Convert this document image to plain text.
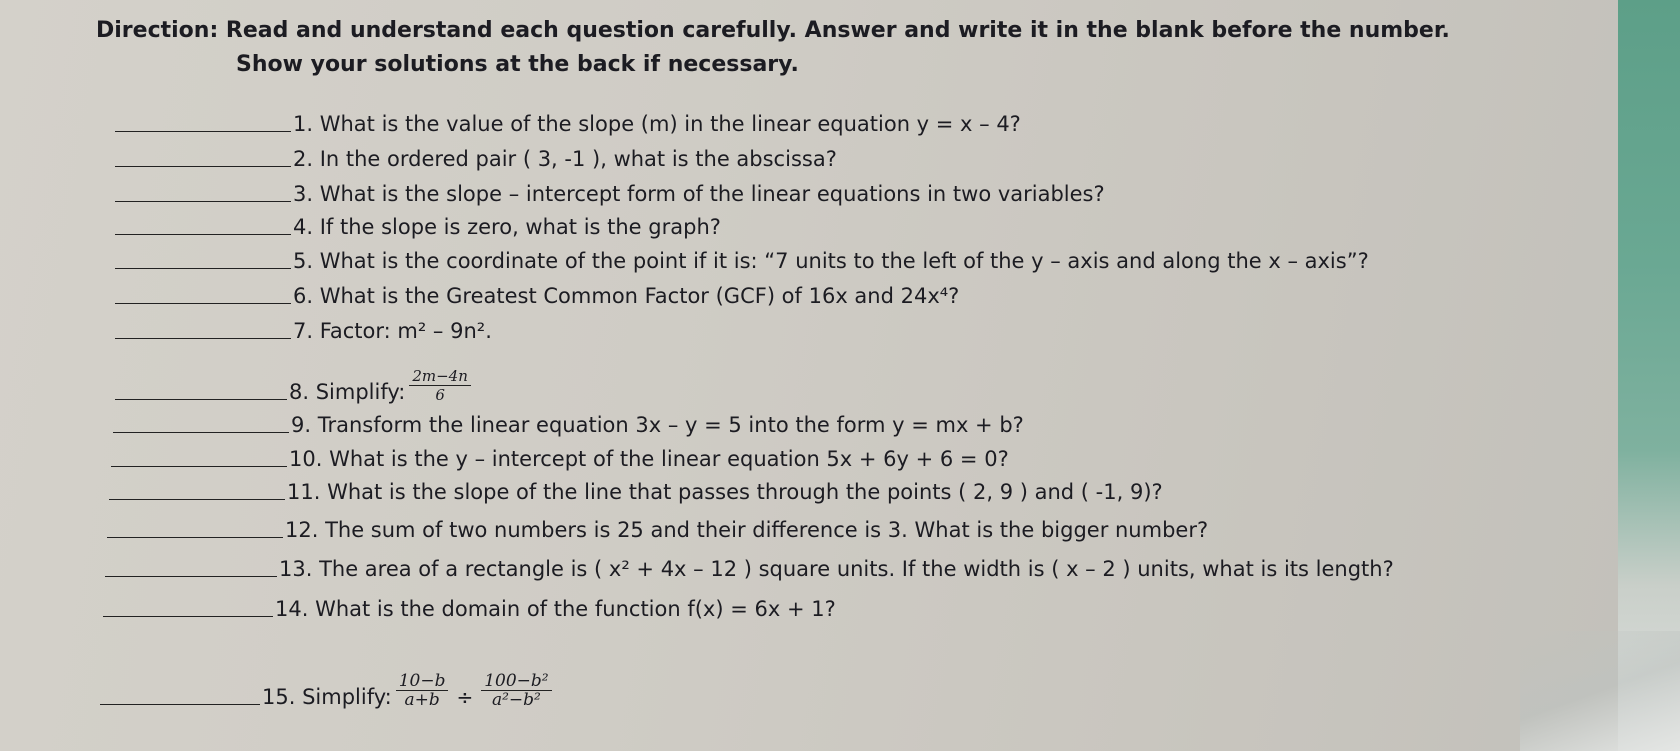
Direction: Read and understand each question carefully. Answer and write it in the blank before the number.
Show your solutions at the back if necessary.
1. What is the value of the slope (m) in the linear equation y = x – 4?
2. In the ordered pair ( 3, -1 ), what is the abscissa?
3. What is the slope – intercept form of the linear equations in two variables?
4. If the slope is zero, what is the graph?
5. What is the coordinate of the point if it is: “7 units to the left of the y – axis and along the x – axis”?
6. What is the Greatest Common Factor (GCF) of 16x and 24x⁴?
7. Factor: m² – 9n².
8. Simplify: $\frac{2m-4n}{6}$
9. Transform the linear equation 3x – y = 5 into the form y = mx + b?
10. What is the y – intercept of the linear equation 5x + 6y + 6 = 0?
11. What is the slope of the line that passes through the points ( 2, 9 ) and ( -1, 9)?
12. The sum of two numbers is 25 and their difference is 3. What is the bigger number?
13. The area of a rectangle is ( x² + 4x – 12 ) square units. If the width is ( x – 2 ) units, what is its length?
14. What is the domain of the function f(x) = 6x + 1?
15. Simplify: $\frac{10-b}{a+b} \div \frac{\text{100−b²}}{\text{a²−b²}}$
